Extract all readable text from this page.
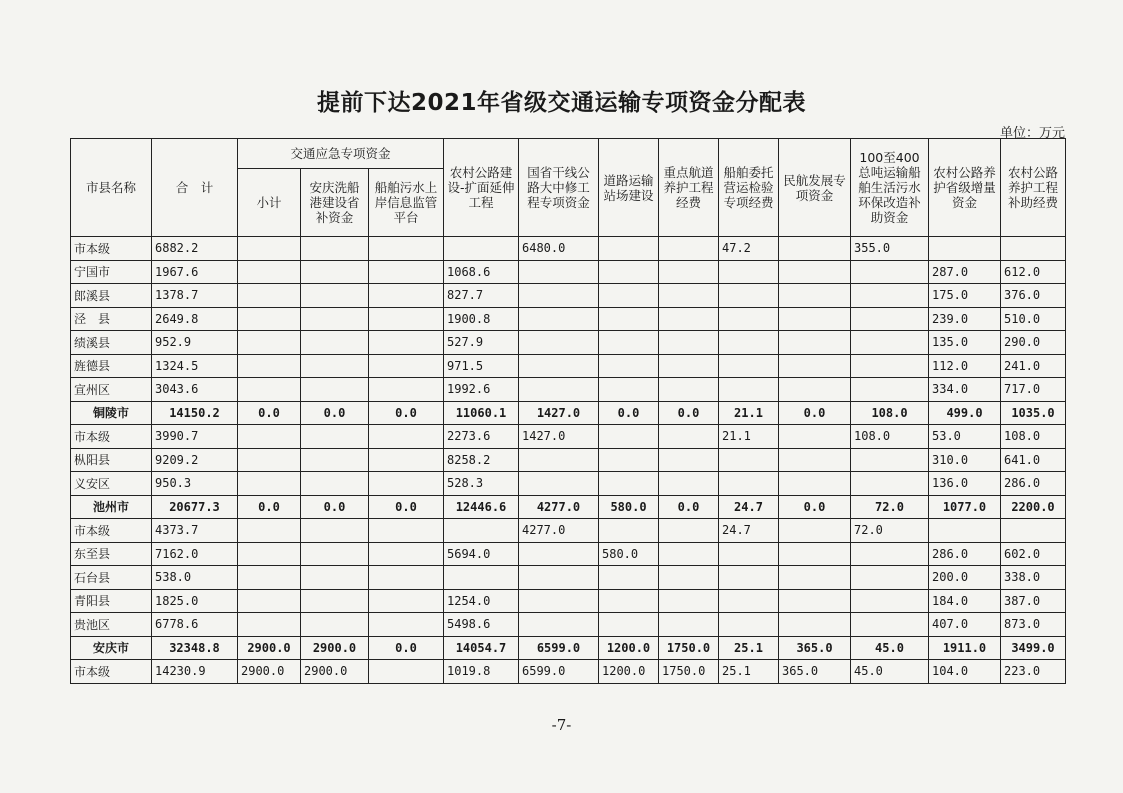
提前下达2021年省级交通运输专项资金分配表
单位：万元
市县名称	合　计	交通应急专项资金			农村公路建设-扩面延伸工程	国省干线公路大中修工程专项资金	道路运输站场建设	重点航道养护工程经费	船舶委托营运检验专项经费	民航发展专项资金	100至400总吨运输船舶生活污水环保改造补助资金	农村公路养护省级增量资金	农村公路养护工程补助经费
		小计	安庆洗船港建设省补资金	船舶污水上岸信息监管平台									
市本级	6882.2					6480.0			47.2		355.0		
宁国市	1967.6				1068.6							287.0	612.0
郎溪县	1378.7				827.7							175.0	376.0
泾　县	2649.8				1900.8							239.0	510.0
绩溪县	952.9				527.9							135.0	290.0
旌德县	1324.5				971.5							112.0	241.0
宣州区	3043.6				1992.6							334.0	717.0
铜陵市	14150.2	0.0	0.0	0.0	11060.1	1427.0	0.0	0.0	21.1	0.0	108.0	499.0	1035.0
市本级	3990.7				2273.6	1427.0			21.1		108.0	53.0	108.0
枞阳县	9209.2				8258.2							310.0	641.0
义安区	950.3				528.3							136.0	286.0
池州市	20677.3	0.0	0.0	0.0	12446.6	4277.0	580.0	0.0	24.7	0.0	72.0	1077.0	2200.0
市本级	4373.7					4277.0			24.7		72.0		
东至县	7162.0				5694.0		580.0					286.0	602.0
石台县	538.0											200.0	338.0
青阳县	1825.0				1254.0							184.0	387.0
贵池区	6778.6				5498.6							407.0	873.0
安庆市	32348.8	2900.0	2900.0	0.0	14054.7	6599.0	1200.0	1750.0	25.1	365.0	45.0	1911.0	3499.0
市本级	14230.9	2900.0	2900.0		1019.8	6599.0	1200.0	1750.0	25.1	365.0	45.0	104.0	223.0
-7-
